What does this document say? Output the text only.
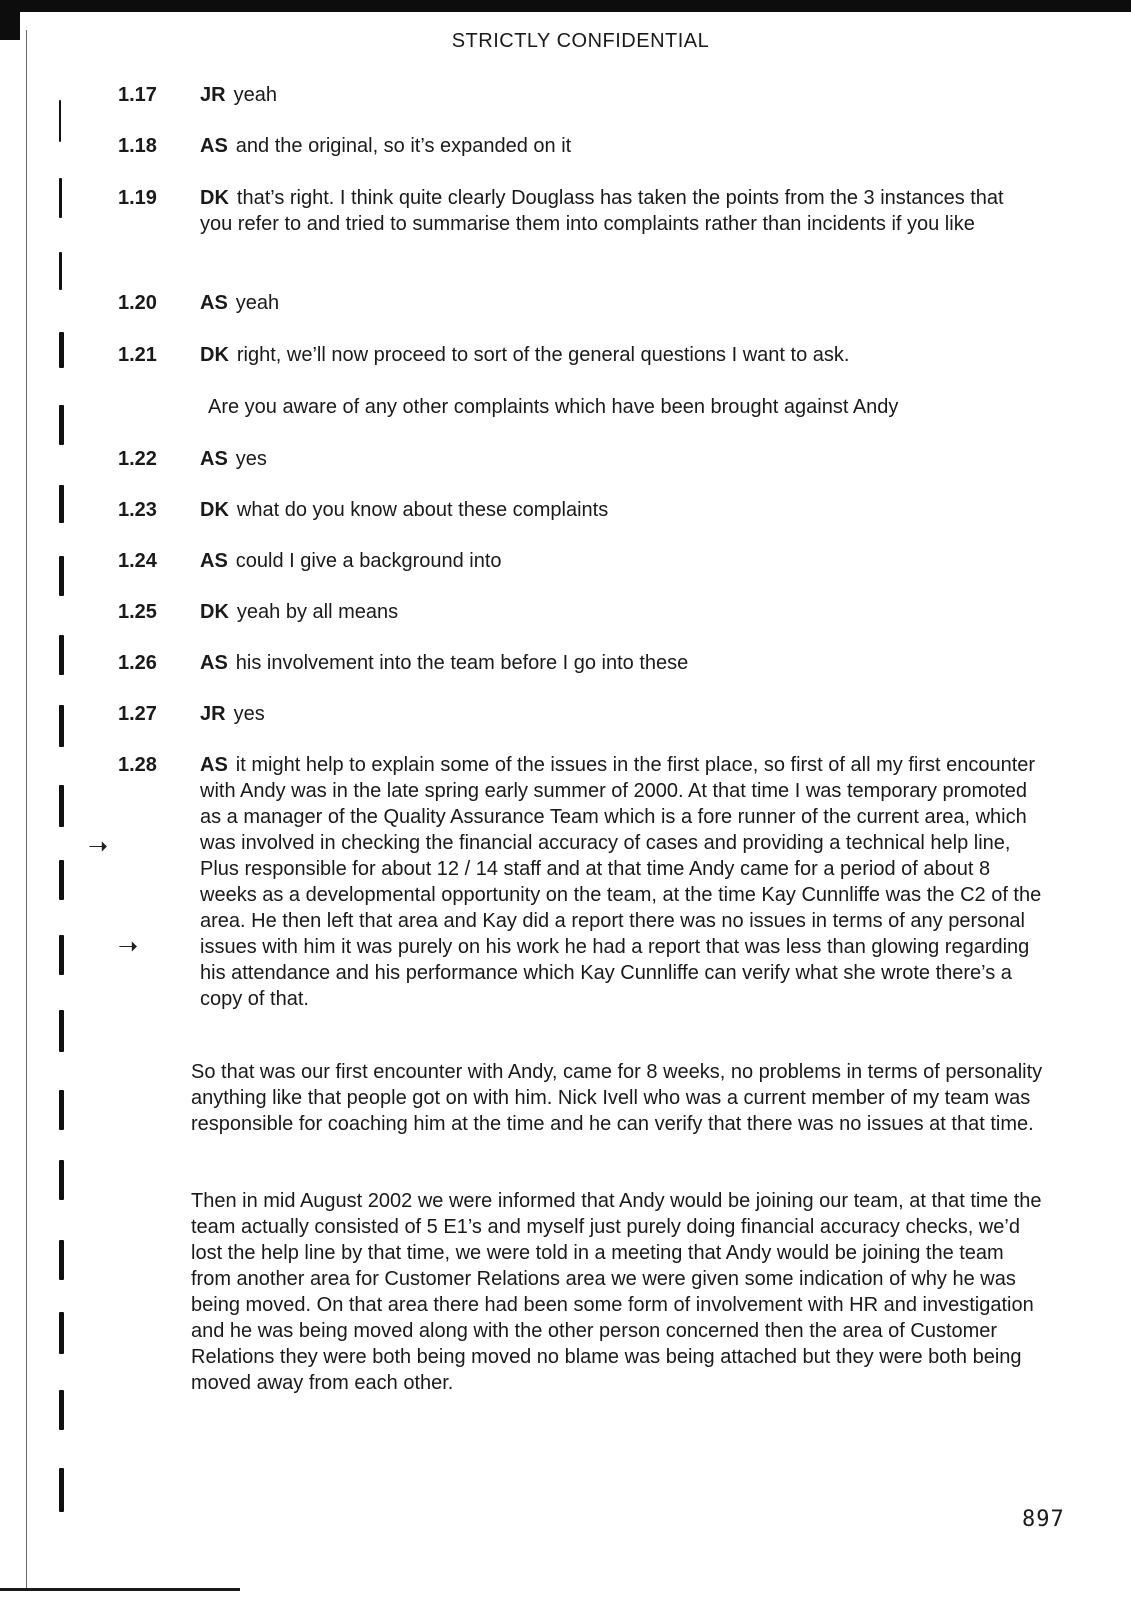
➝
➝
STRICTLY CONFIDENTIAL
1.17	JR yeah
1.18	AS and the original, so it’s expanded on it
1.19	DK that’s right. I think quite clearly Douglass has taken the points from the 3 instances that you refer to and tried to summarise them into complaints rather than incidents if you like
1.20	AS yeah
1.21	DK right, we’ll now proceed to sort of the general questions I want to ask.
Are you aware of any other complaints which have been brought against Andy
1.22	AS yes
1.23	DK what do you know about these complaints
1.24	AS could I give a background into
1.25	DK yeah by all means
1.26	AS his involvement into the team before I go into these
1.27	JR yes
1.28	AS it might help to explain some of the issues in the first place, so first of all my first encounter with Andy was in the late spring early summer of 2000. At that time I was temporary promoted as a manager of the Quality Assurance Team which is a fore runner of the current area, which was involved in checking the financial accuracy of cases and providing a technical help line, Plus responsible for about 12 / 14 staff and at that time Andy came for a period of about 8 weeks as a developmental opportunity on the team, at the time Kay Cunnliffe was the C2 of the area. He then left that area and Kay did a report there was no issues in terms of any personal issues with him it was purely on his work he had a report that was less than glowing regarding his attendance and his performance which Kay Cunnliffe can verify what she wrote there’s a copy of that.
So that was our first encounter with Andy, came for 8 weeks, no problems in terms of personality anything like that people got on with him. Nick Ivell who was a current member of my team was responsible for coaching him at the time and he can verify that there was no issues at that time.
Then in mid August 2002 we were informed that Andy would be joining our team, at that time the team actually consisted of 5 E1’s and myself just purely doing financial accuracy checks, we’d lost the help line by that time, we were told in a meeting that Andy would be joining the team from another area for Customer Relations area we were given some indication of why he was being moved. On that area there had been some form of involvement with HR and investigation and he was being moved along with the other person concerned then the area of Customer Relations they were both being moved no blame was being attached but they were both being moved away from each other.
897
